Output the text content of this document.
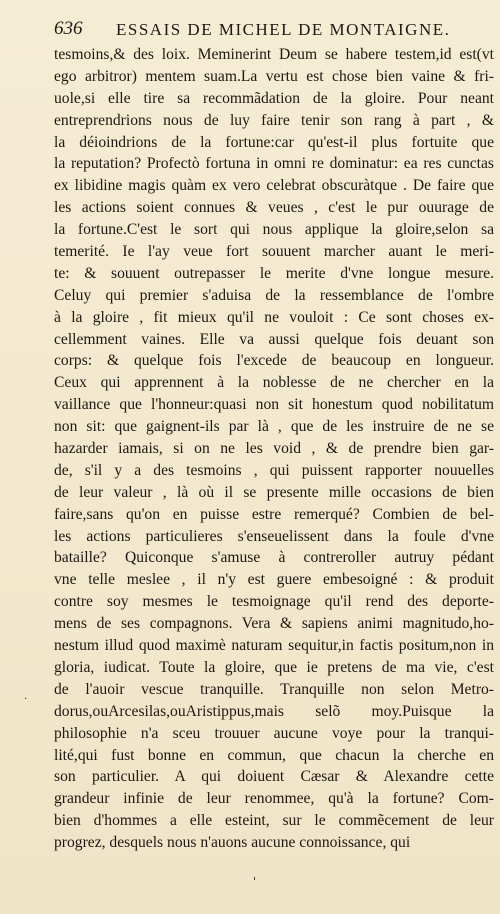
636 ESSAIS DE MICHEL DE MONTAIGNE.
tesmoins,& des loix. Meminerint Deum se habere testem,id est(vt
ego arbitror) mentem suam.La vertu est chose bien vaine & fri-
uole,si elle tire sa recommãdation de la gloire. Pour neant
entreprendrions nous de luy faire tenir son rang à part , &
la déioindrions de la fortune:car qu'est-il plus fortuite que
la reputation? Profectò fortuna in omni re dominatur: ea res cunctas
ex libidine magis quàm ex vero celebrat obscuràtque . De faire que
les actions soient connues & veues , c'est le pur ouurage de
la fortune.C'est le sort qui nous applique la gloire,selon sa
temerité. Ie l'ay veue fort souuent marcher auant le meri-
te: & souuent outrepasser le merite d'vne longue mesure.
Celuy qui premier s'aduisa de la ressemblance de l'ombre
à la gloire , fit mieux qu'il ne vouloit : Ce sont choses ex-
cellemment vaines. Elle va aussi quelque fois deuant son
corps: & quelque fois l'excede de beaucoup en longueur.
Ceux qui apprennent à la noblesse de ne chercher en la
vaillance que l'honneur:quasi non sit honestum quod nobilitatum
non sit: que gaignent-ils par là , que de les instruire de ne se
hazarder iamais, si on ne les void , & de prendre bien gar-
de, s'il y a des tesmoins , qui puissent rapporter nouuelles
de leur valeur , là où il se presente mille occasions de bien
faire,sans qu'on en puisse estre remerqué? Combien de bel-
les actions particulieres s'enseuelissent dans la foule d'vne
bataille? Quiconque s'amuse à contreroller autruy pédant
vne telle meslee , il n'y est guere embesoigné : & produit
contre soy mesmes le tesmoignage qu'il rend des deporte-
mens de ses compagnons. Vera & sapiens animi magnitudo,ho-
nestum illud quod maximè naturam sequitur,in factis positum,non in
gloria, iudicat. Toute la gloire, que ie pretens de ma vie, c'est
de l'auoir vescue tranquille. Tranquille non selon Metro-
dorus,ouArcesilas,ouAristippus,mais selõ moy.Puisque la
philosophie n'a sceu trouuer aucune voye pour la tranqui-
lité,qui fust bonne en commun, que chacun la cherche en
son particulier. A qui doiuent Cæsar & Alexandre cette
grandeur infinie de leur renommee, qu'à la fortune? Com-
bien d'hommes a elle esteint, sur le commẽcement de leur
progrez, desquels nous n'auons aucune connoissance, qui
·
'
